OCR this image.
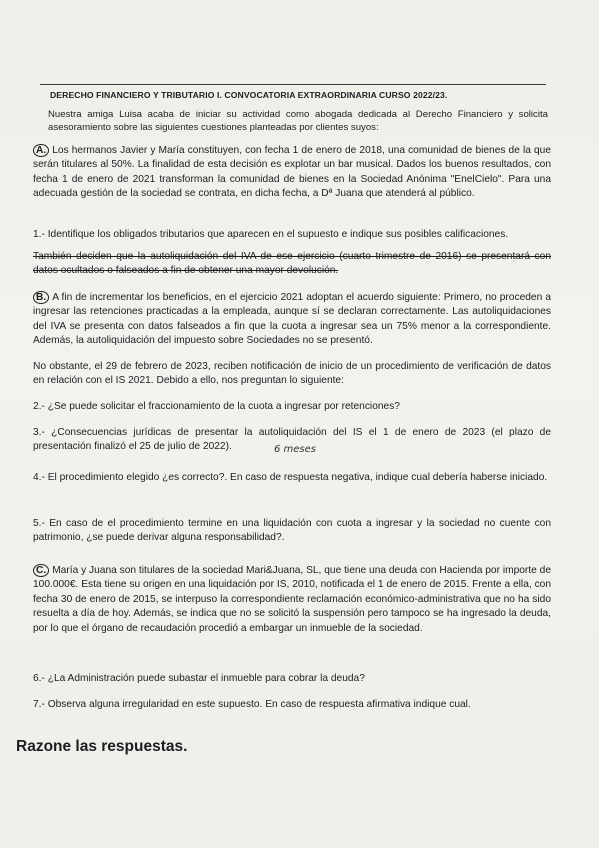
DERECHO FINANCIERO Y TRIBUTARIO I. CONVOCATORIA EXTRAORDINARIA CURSO 2022/23.
Nuestra amiga Luisa acaba de iniciar su actividad como abogada dedicada al Derecho Financiero y solicita asesoramiento sobre las siguientes cuestiones planteadas por clientes suyos:
A. Los hermanos Javier y María constituyen, con fecha 1 de enero de 2018, una comunidad de bienes de la que serán titulares al 50%. La finalidad de esta decisión es explotar un bar musical. Dados los buenos resultados, con fecha 1 de enero de 2021 transforman la comunidad de bienes en la Sociedad Anónima "EnelCielo". Para una adecuada gestión de la sociedad se contrata, en dicha fecha, a Dª Juana que atenderá al público.
1.- Identifique los obligados tributarios que aparecen en el supuesto e indique sus posibles calificaciones.
También deciden que la autoliquidación del IVA de ese ejercicio (cuarto trimestre de 2016) se presentará con datos ocultados o falseados a fin de obtener una mayor devolución.
B. A fin de incrementar los beneficios, en el ejercicio 2021 adoptan el acuerdo siguiente: Primero, no proceden a ingresar las retenciones practicadas a la empleada, aunque sí se declaran correctamente. Las autoliquidaciones del IVA se presenta con datos falseados a fin que la cuota a ingresar sea un 75% menor a la correspondiente. Además, la autoliquidación del impuesto sobre Sociedades no se presentó.
No obstante, el 29 de febrero de 2023, reciben notificación de inicio de un procedimiento de verificación de datos en relación con el IS 2021. Debido a ello, nos preguntan lo siguiente:
2.- ¿Se puede solicitar el fraccionamiento de la cuota a ingresar por retenciones?
3.- ¿Consecuencias jurídicas de presentar la autoliquidación del IS el 1 de enero de 2023 (el plazo de presentación finalizó el 25 de julio de 2022).	6 meses
4.- El procedimiento elegido ¿es correcto?. En caso de respuesta negativa, indique cual debería haberse iniciado.
5.- En caso de el procedimiento termine en una liquidación con cuota a ingresar y la sociedad no cuente con patrimonio, ¿se puede derivar alguna responsabilidad?.
C. María y Juana son titulares de la sociedad Mari&Juana, SL, que tiene una deuda con Hacienda por importe de 100.000€. Esta tiene su origen en una liquidación por IS, 2010, notificada el 1 de enero de 2015. Frente a ella, con fecha 30 de enero de 2015, se interpuso la correspondiente reclamación económico-administrativa que no ha sido resuelta a día de hoy. Además, se indica que no se solicitó la suspensión pero tampoco se ha ingresado la deuda, por lo que el órgano de recaudación procedió a embargar un inmueble de la sociedad.
6.- ¿La Administración puede subastar el inmueble para cobrar la deuda?
7.- Observa alguna irregularidad en este supuesto. En caso de respuesta afirmativa indique cual.
Razone las respuestas.
